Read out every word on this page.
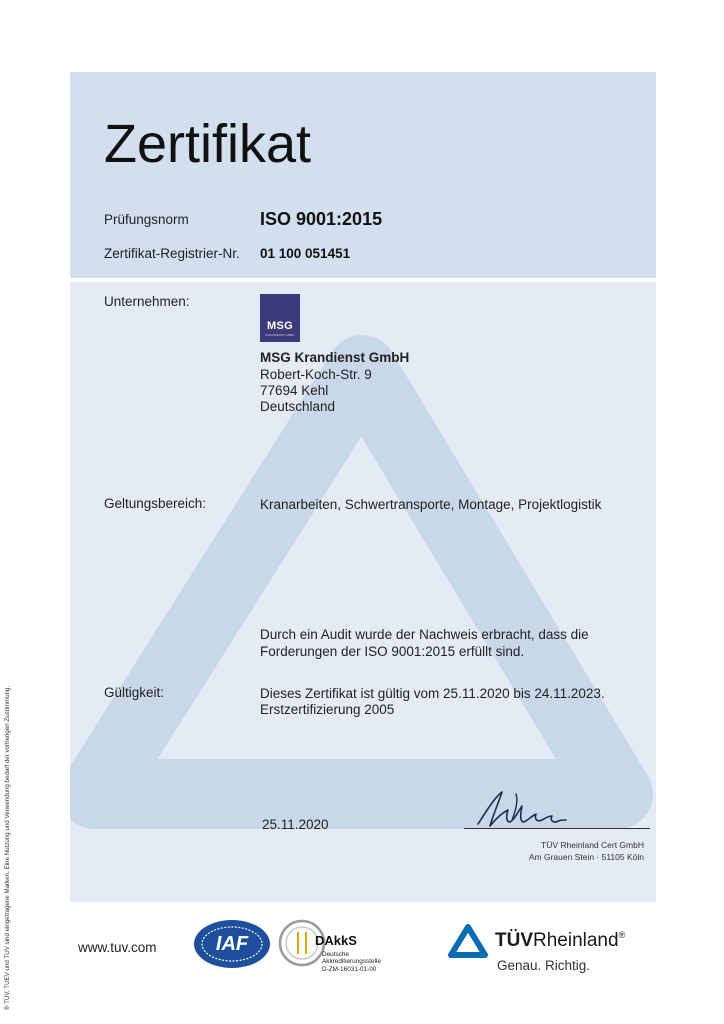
Zertifikat
Prüfungsnorm	ISO 9001:2015
Zertifikat-Registrier-Nr. 01 100 051451
Unternehmen:
MSG
KRANDIENST GMBH
MSG Krandienst GmbH
Robert-Koch-Str. 9
77694 Kehl
Deutschland
Geltungsbereich:	Kranarbeiten, Schwertransporte, Montage, Projektlogistik
Durch ein Audit wurde der Nachweis erbracht, dass die
Forderungen der ISO 9001:2015 erfüllt sind.
Gültigkeit:	Dieses Zertifikat ist gültig vom 25.11.2020 bis 24.11.2023.
Erstzertifizierung 2005
25.11.2020
TÜV Rheinland Cert GmbH
Am Grauen Stein · 51105 Köln
® TÜV, TUEV und TUV sind eingetragene Marken. Eine Nutzung und Verwendung bedarf der vorherigen Zustimmung.	www.tuv.com	IAF	DAkkS
Deutsche
Akkreditierungsstelle
D-ZM-16031-01-00
TÜVRheinland®
Genau. Richtig.
